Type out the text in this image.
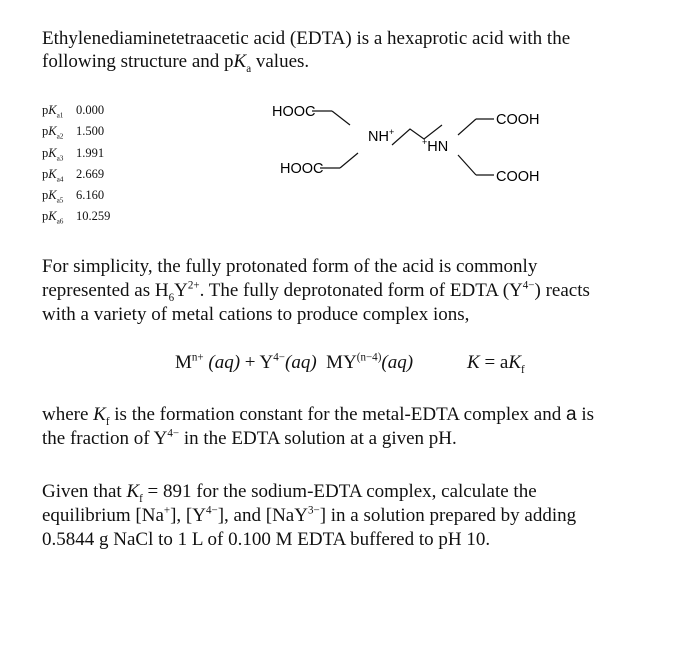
Ethylenediaminetetraacetic acid (EDTA) is a hexaprotic acid with the
following structure and $pK_a$ values.
$pK_{a1}$ 0.000
$pK_{a2}$ 1.500
$pK_{a3}$ 1.991
$pK_{a4}$ 2.669
$pK_{a5}$ 6.160
$pK_{a6}$ 10.259
HOOC
NH+
HOOC
+HN
COOH
COOH
For simplicity, the fully protonated form of the acid is commonly
represented as $H_6Y^{2+}$. The fully deprotonated form of EDTA $(Y^{4-})$ reacts
with a variety of metal cations to produce complex ions,
$M^{n+}$ $(aq) + Y^{4-}(aq)$ $MY^{(n-4)}(aq)$	$K = aK_f$
where $K_f$ is the formation constant for the metal-EDTA complex and a is
the fraction of $Y^{4-}$ in the EDTA solution at a given pH.
Given that $K_f = 891$ for the sodium-EDTA complex, calculate the
equilibrium [Na+], $[Y^{4-}]$, and [NaY$^{3-}$] in a solution prepared by adding
0.5844 g NaCl to 1 L of 0.100 M EDTA buffered to pH 10.
